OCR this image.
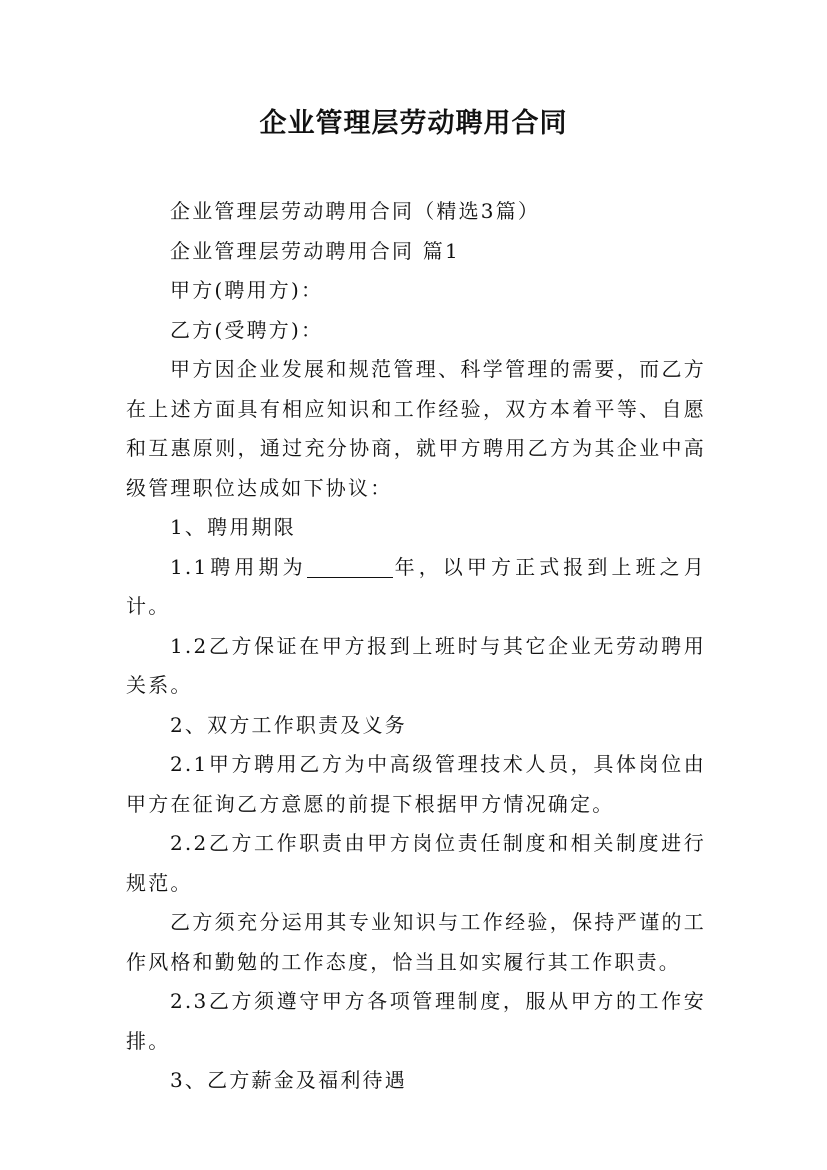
企业管理层劳动聘用合同

企业管理层劳动聘用合同（精选3篇）

企业管理层劳动聘用合同 篇1

甲方(聘用方)：

乙方(受聘方)：

甲方因企业发展和规范管理、科学管理的需要，而乙方在上述方面具有相应知识和工作经验，双方本着平等、自愿和互惠原则，通过充分协商，就甲方聘用乙方为其企业中高级管理职位达成如下协议：

1、聘用期限

1.1聘用期为	年，以甲方正式报到上班之月计。

1.2乙方保证在甲方报到上班时与其它企业无劳动聘用关系。

2、双方工作职责及义务

2.1甲方聘用乙方为中高级管理技术人员，具体岗位由甲方在征询乙方意愿的前提下根据甲方情况确定。

2.2乙方工作职责由甲方岗位责任制度和相关制度进行规范。

乙方须充分运用其专业知识与工作经验，保持严谨的工作风格和勤勉的工作态度，恰当且如实履行其工作职责。

2.3乙方须遵守甲方各项管理制度，服从甲方的工作安排。

3、乙方薪金及福利待遇
